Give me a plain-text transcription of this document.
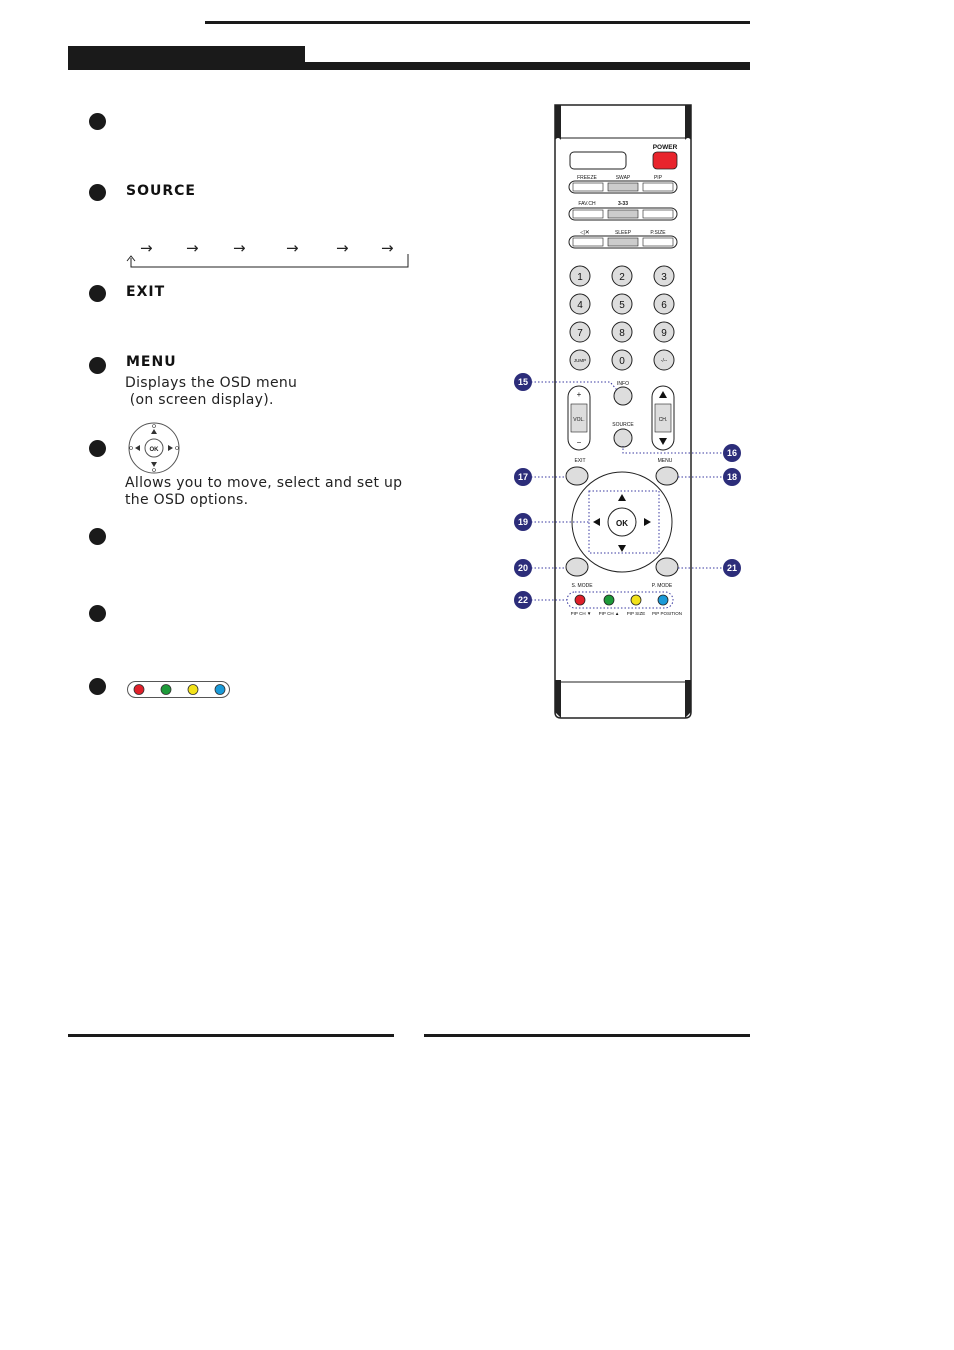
SOURCE
→ → →	→ → →
EXIT
MENU
Displays the OSD menu
(on screen display).
OK
Allows you to move, select and set up
the OSD options.
POWER
FREEZE	SWAP	PIP
FAV.CH	3-33
◁✕	SLEEP	P.SIZE
1	2	3
4	5	6
7	8	9
JUMP	0	-/--
INFO
+
VOL.
−
CH.
SOURCE
EXIT	MENU
OK
S. MODE	P. MODE
PIP CH ▼ PIP CH ▲ PIP SIZE PIP POSITION
15
16
17	18
19
20	21
22
